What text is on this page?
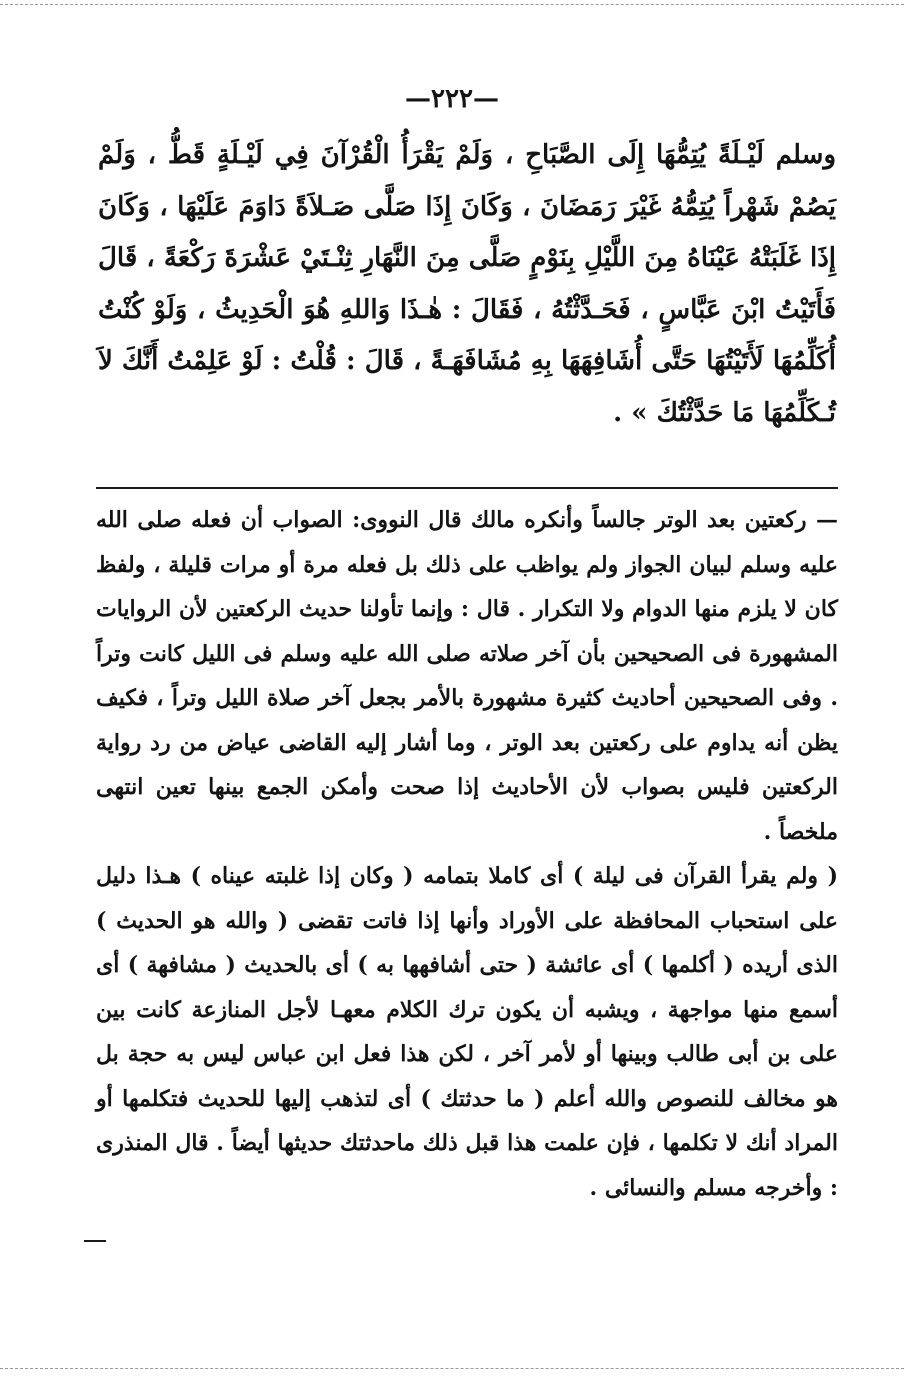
—٢٢٢—

وسلم لَيْـلَةً يُتِمُّهَا إِلَى الصَّبَاحِ ، وَلَمْ يَقْرَأُ الْقُرْآنَ فِي لَيْـلَةٍ قَطُّ ، وَلَمْ يَصُمْ شَهْراً يُتِمُّهُ غَيْرَ رَمَضَانَ ، وَكَانَ إِذَا صَلَّى صَـلاَةً دَاوَمَ عَلَيْهَا ، وَكَانَ إِذَا غَلَبَتْهُ عَيْنَاهُ مِنَ اللَّيْلِ بِنَوْمٍ صَلَّى مِنَ النَّهَارِ ثِنْـتَيْ عَشْرَةَ رَكْعَةً ، قَالَ فَأَتَيْتُ ابْنَ عَبَّاسٍ ، فَحَـدَّثْتُهُ ، فَقَالَ : هٰـذَا وَاللهِ هُوَ الْحَدِيثُ ، وَلَوْ كُنْتُ أُكَلِّمُهَا لَأَتَيْتُهَا حَتَّى أُشَافِهَهَا بِهِ مُشَافَهَـةً ، قَالَ : قُلْتُ : لَوْ عَلِمْتُ أَنَّكَ لاَ تُـكَلِّمُهَا مَا حَدَّثْتُكَ » .

— ركعتين بعد الوتر جالساً وأنكره مالك قال النووى: الصواب أن فعله صلى الله عليه وسلم لبيان الجواز ولم يواظب على ذلك بل فعله مرة أو مرات قليلة ، ولفظ كان لا يلزم منها الدوام ولا التكرار . قال : وإنما تأولنا حديث الركعتين لأن الروايات المشهورة فى الصحيحين بأن آخر صلاته صلى الله عليه وسلم فى الليل كانت وتراً . وفى الصحيحين أحاديث كثيرة مشهورة بالأمر بجعل آخر صلاة الليل وتراً ، فكيف يظن أنه يداوم على ركعتين بعد الوتر ، وما أشار إليه القاضى عياض من رد رواية الركعتين فليس بصواب لأن الأحاديث إذا صحت وأمكن الجمع بينها تعين انتهى ملخصاً .

( ولم يقرأ القرآن فى ليلة ) أى كاملا بتمامه ( وكان إذا غلبته عيناه ) هـذا دليل على استحباب المحافظة على الأوراد وأنها إذا فاتت تقضى ( والله هو الحديث ) الذى أريده ( أكلمها ) أى عائشة ( حتى أشافهها به ) أى بالحديث ( مشافهة ) أى أسمع منها مواجهة ، ويشبه أن يكون ترك الكلام معهـا لأجل المنازعة كانت بين على بن أبى طالب وبينها أو لأمر آخر ، لكن هذا فعل ابن عباس ليس به حجة بل هو مخالف للنصوص والله أعلم ( ما حدثتك ) أى لتذهب إليها للحديث فتكلمها أو المراد أنك لا تكلمها ، فإن علمت هذا قبل ذلك ماحدثتك حديثها أيضاً . قال المنذرى : وأخرجه مسلم والنسائى .
